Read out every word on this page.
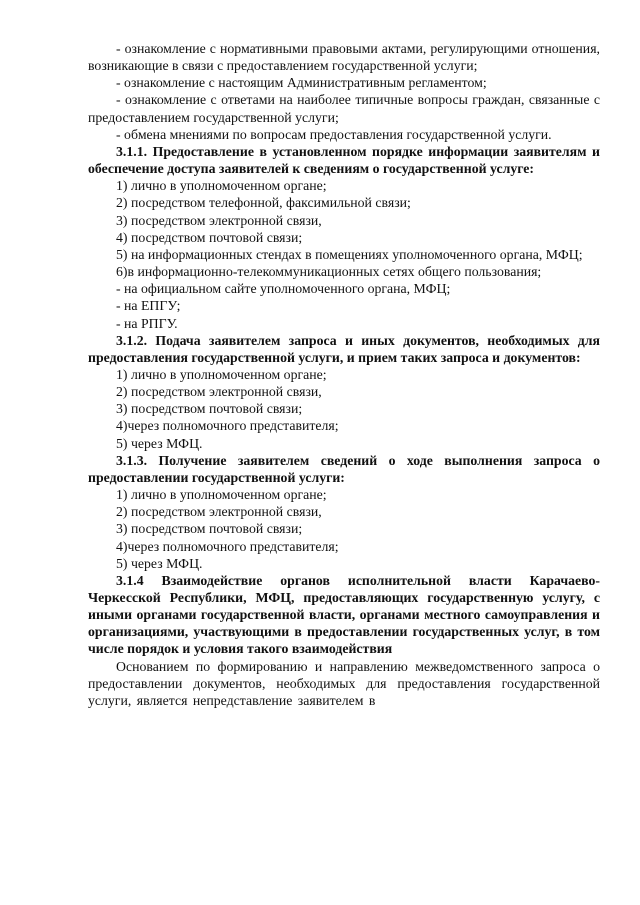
- ознакомление с нормативными правовыми актами, регулирующими отношения, возникающие в связи с предоставлением государственной услуги;

- ознакомление с настоящим Административным регламентом;

- ознакомление с ответами на наиболее типичные вопросы граждан, связанные с предоставлением государственной услуги;

- обмена мнениями по вопросам предоставления государственной услуги.

3.1.1. Предоставление в установленном порядке информации заявителям и обеспечение доступа заявителей к сведениям о государственной услуге:

1) лично в уполномоченном органе;

2) посредством телефонной, факсимильной связи;

3) посредством электронной связи,

4) посредством почтовой связи;

5) на информационных стендах в помещениях уполномоченного органа, МФЦ;

6)в информационно-телекоммуникационных сетях общего пользования;

- на официальном сайте уполномоченного органа, МФЦ;

- на ЕПГУ;

- на РПГУ.

3.1.2. Подача заявителем запроса и иных документов, необходимых для предоставления государственной услуги, и прием таких запроса и документов:

1) лично в уполномоченном органе;

2) посредством электронной связи,

3) посредством почтовой связи;

4)через полномочного представителя;

5) через МФЦ.

3.1.3. Получение заявителем сведений о ходе выполнения запроса о предоставлении государственной услуги:

1) лично в уполномоченном органе;

2) посредством электронной связи,

3) посредством почтовой связи;

4)через полномочного представителя;

5) через МФЦ.

3.1.4 Взаимодействие органов исполнительной власти Карачаево-Черкесской Республики, МФЦ, предоставляющих государственную услугу, с иными органами государственной власти, органами местного самоуправления и организациями, участвующими в предоставлении государственных услуг, в том числе порядок и условия такого взаимодействия

Основанием по формированию и направлению межведомственного запроса о предоставлении документов, необходимых для предоставления государственной услуги, является непредставление заявителем в
